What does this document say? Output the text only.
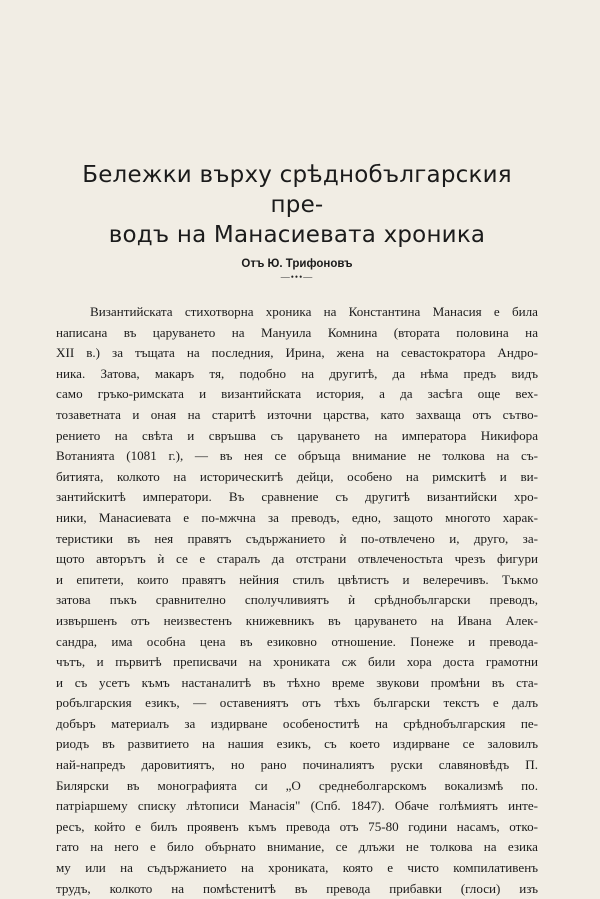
Бележки върху срѣднобългарския пре-
водъ на Манасиевата хроника
Отъ Ю. Трифоновъ
—•••—
Византийската стихотворна хроника на Константина Манасия е била
написана въ царуването на Мануила Комнина (втората половина на
XII в.) за тъщата на последния, Ирина, жена на севастократора Андро-
ника. Затова, макаръ тя, подобно на другитѣ, да нѣма предъ видъ
само гръко-римската и византийската история, а да засѣга още вех-
тозаветната и оная на старитѣ източни царства, като захваща отъ сътво-
рението на свѣта и свръшва съ царуването на императора Никифора
Вотанията (1081 г.), — въ нея се обръща внимание не толкова на съ-
битията, колкото на историческитѣ дейци, особено на римскитѣ и ви-
зантийскитѣ императори. Въ сравнение съ другитѣ византийски хро-
ники, Манасиевата е по-мжчна за преводъ, едно, защото многото харак-
теристики въ нея правятъ съдържанието ѝ по-отвлечено и, друго, за-
щото авторътъ ѝ се е старалъ да отстрани отвлеченостьта чрезъ фигури
и епитети, които правятъ нейния стилъ цвѣтистъ и велеречивъ. Тъкмо
затова пъкъ сравнително сполучливиятъ ѝ срѣднобългарски преводъ,
извършенъ отъ неизвестенъ книжевникъ въ царуването на Ивана Алек-
сандра, има особна цена въ езиковно отношение. Понеже и превода-
чътъ, и първитѣ преписвачи на хрониката сж били хора доста грамотни
и съ усетъ къмъ настаналитѣ въ тѣхно време звукови промѣни въ ста-
робългарския езикъ, — оставениятъ отъ тѣхъ български текстъ е далъ
добъръ материалъ за издирване особеноститѣ на срѣднобългарския пе-
риодъ въ развитието на нашия езикъ, съ което издирване се заловилъ
най-напредъ даровитиятъ, но рано починалиятъ руски славяновѣдъ П.
Билярски въ монографията си „О среднеболгарскомъ вокализмѣ по.
патріаршему списку лѣтописи Манасія" (Спб. 1847). Обаче голѣмиятъ инте-
ресъ, който е билъ проявенъ къмъ превода отъ 75-80 години насамъ, отко-
гато на него е било обърнато внимание, се длъжи не толкова на езика
му или на съдържанието на хрониката, която е чисто компилативенъ
трудъ, колкото на помѣстенитѣ въ превода прибавки (глоси) изъ
